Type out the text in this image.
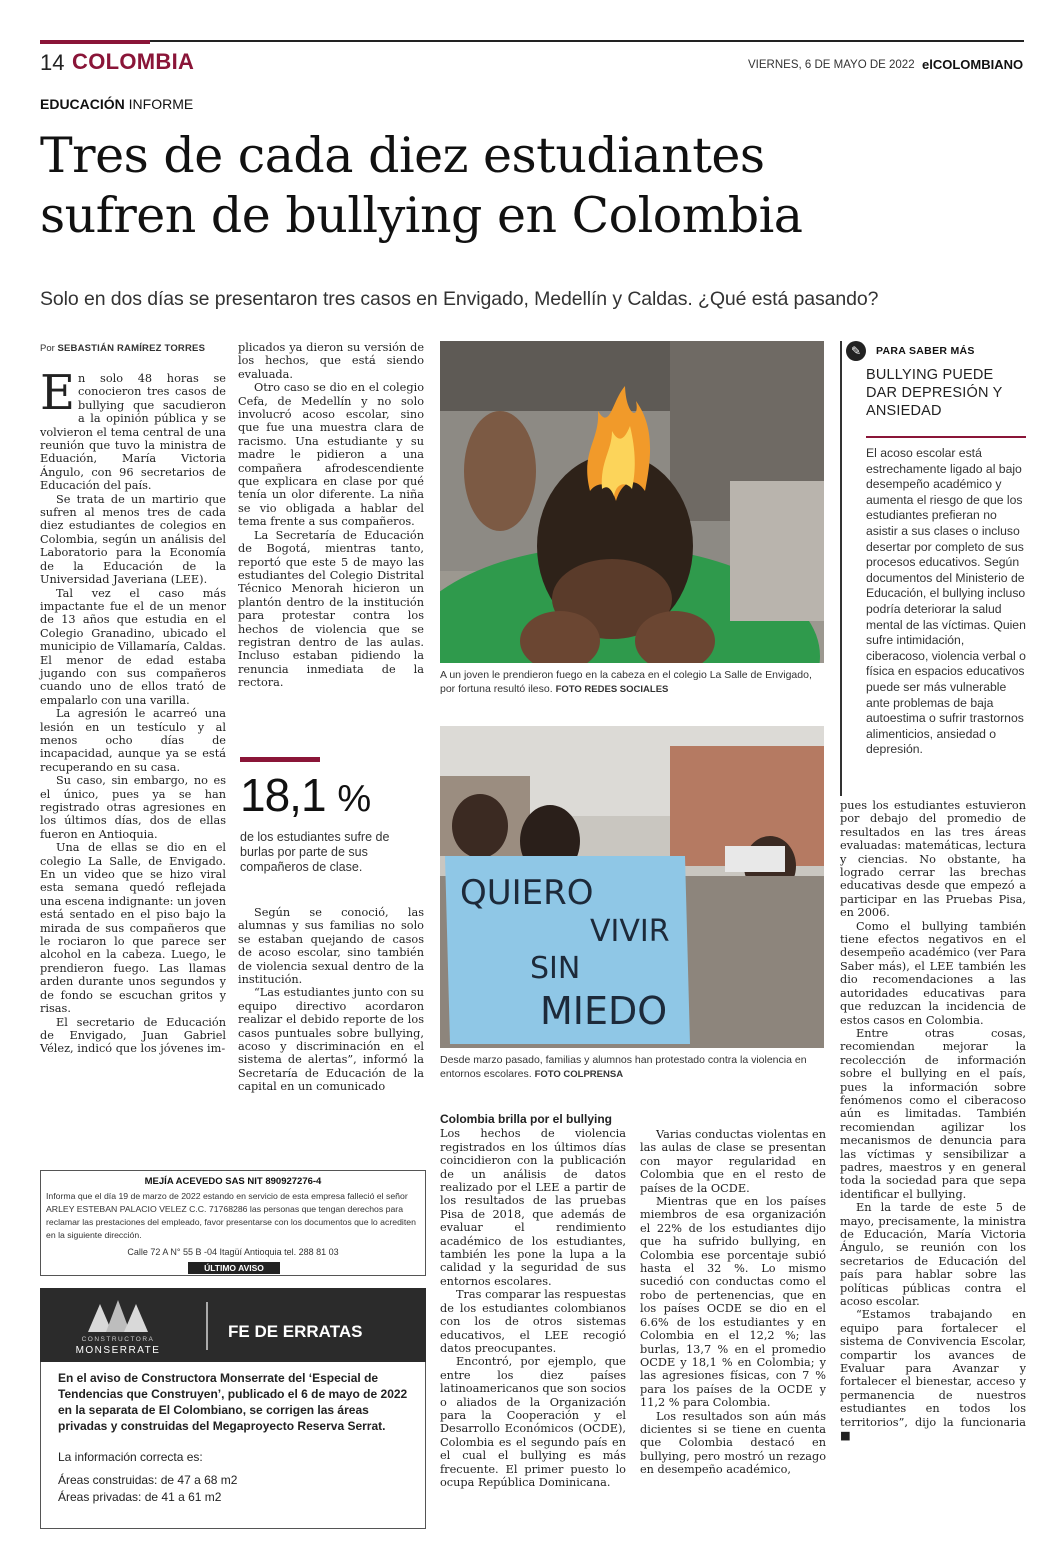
14 COLOMBIA	VIERNES, 6 DE MAYO DE 2022 elCOLOMBIANO
EDUCACIÓN INFORME
Tres de cada diez estudiantes
sufren de bullying en Colombia
Solo en dos días se presentaron tres casos en Envigado, Medellín y Caldas. ¿Qué está pasando?
Por SEBASTIÁN RAMÍREZ TORRES

En solo 48 horas se conocieron tres casos de bullying que sacudieron a la opinión pública y se volvieron el tema central de una reunión que tuvo la ministra de Eduación, María Victoria Ángulo, con 96 secretarios de Educación del país.

Se trata de un martirio que sufren al menos tres de cada diez estudiantes de colegios en Colombia, según un análisis del Laboratorio para la Economía de la Educación de la Universidad Javeriana (LEE).

Tal vez el caso más impactante fue el de un menor de 13 años que estudia en el Colegio Granadino, ubicado el municipio de Villamaría, Caldas. El menor de edad estaba jugando con sus compañeros cuando uno de ellos trató de empalarlo con una varilla.

La agresión le acarreó una lesión en un testículo y al menos ocho días de incapacidad, aunque ya se está recuperando en su casa.

Su caso, sin embargo, no es el único, pues ya se han registrado otras agresiones en los últimos días, dos de ellas fueron en Antioquia.

Una de ellas se dio en el colegio La Salle, de Envigado. En un video que se hizo viral esta semana quedó reflejada una escena indignante: un joven está sentado en el piso bajo la mirada de sus compañeros que le rociaron lo que parece ser alcohol en la cabeza. Luego, le prendieron fuego. Las llamas arden durante unos segundos y de fondo se escuchan gritos y risas.

El secretario de Educación de Envigado, Juan Gabriel Vélez, indicó que los jóvenes im-

plicados ya dieron su versión de los hechos, que está siendo evaluada.

Otro caso se dio en el colegio Cefa, de Medellín y no solo involucró acoso escolar, sino que fue una muestra clara de racismo. Una estudiante y su madre le pidieron a una compañera afrodescendiente que explicara en clase por qué tenía un olor diferente. La niña se vio obligada a hablar del tema frente a sus compañeros.

La Secretaría de Educación de Bogotá, mientras tanto, reportó que este 5 de mayo las estudiantes del Colegio Distrital Técnico Menorah hicieron un plantón dentro de la institución para protestar contra los hechos de violencia que se registran dentro de las aulas. Incluso estaban pidiendo la renuncia inmediata de la rectora.

18,1 %
de los estudiantes sufre de burlas por parte de sus compañeros de clase.

Según se conoció, las alumnas y sus familias no solo se estaban quejando de casos de acoso escolar, sino también de violencia sexual dentro de la institución.

“Las estudiantes junto con su equipo directivo acordaron realizar el debido reporte de los casos puntuales sobre bullying, acoso y discriminación en el sistema de alertas”, informó la Secretaría de Educación de la capital en un comunicado

A un joven le prendieron fuego en la cabeza en el colegio La Salle de Envigado, por fortuna resultó ileso. FOTO REDES SOCIALES
QUIERO
VIVIR
SIN
MIEDO
Desde marzo pasado, familias y alumnos han protestado contra la violencia en entornos escolares. FOTO COLPRENSA
✎	PARA SABER MÁS
BULLYING PUEDE DAR DEPRESIÓN Y ANSIEDAD
El acoso escolar está estrechamente ligado al bajo desempeño académico y aumenta el riesgo de que los estudiantes prefieran no asistir a sus clases o incluso desertar por completo de sus procesos educativos. Según documentos del Ministerio de Educación, el bullying incluso podría deteriorar la salud mental de las víctimas. Quien sufre intimidación, ciberacoso, violencia verbal o física en espacios educativos puede ser más vulnerable ante problemas de baja autoestima o sufrir trastornos alimenticios, ansiedad o depresión.
Colombia brilla por el bullying

Los hechos de violencia registrados en los últimos días coincidieron con la publicación de un análisis de datos realizado por el LEE a partir de los resultados de las pruebas Pisa de 2018, que además de evaluar el rendimiento académico de los estudiantes, también les pone la lupa a la calidad y la seguridad de sus entornos escolares.

Tras comparar las respuestas de los estudiantes colombianos con los de otros sistemas educativos, el LEE recogió datos preocupantes.

Encontró, por ejemplo, que entre los diez países latinoamericanos que son socios o aliados de la Organización para la Cooperación y el Desarrollo Económicos (OCDE), Colombia es el segundo país en el cual el bullying es más frecuente. El primer puesto lo ocupa República Dominicana.

Varias conductas violentas en las aulas de clase se presentan con mayor regularidad en Colombia que en el resto de países de la OCDE.

Mientras que en los países miembros de esa organización el 22% de los estudiantes dijo que ha sufrido bullying, en Colombia ese porcentaje subió hasta el 32 %. Lo mismo sucedió con conductas como el robo de pertenencias, que en los países OCDE se dio en el 6.6% de los estudiantes y en Colombia en el 12,2 %; las burlas, 13,7 % en el promedio OCDE y 18,1 % en Colombia; y las agresiones físicas, con 7 % para los países de la OCDE y 11,2 % para Colombia.

Los resultados son aún más dicientes si se tiene en cuenta que Colombia destacó en bullying, pero mostró un rezago en desempeño académico,

pues los estudiantes estuvieron por debajo del promedio de resultados en las tres áreas evaluadas: matemáticas, lectura y ciencias. No obstante, ha logrado cerrar las brechas educativas desde que empezó a participar en las Pruebas Pisa, en 2006.

Como el bullying también tiene efectos negativos en el desempeño académico (ver Para Saber más), el LEE también les dio recomendaciones a las autoridades educativas para que reduzcan la incidencia de estos casos en Colombia.

Entre otras cosas, recomiendan mejorar la recolección de información sobre el bullying en el país, pues la información sobre fenómenos como el ciberacoso aún es limitadas. También recomiendan agilizar los mecanismos de denuncia para las víctimas y sensibilizar a padres, maestros y en general toda la sociedad para que sepa identificar el bullying.

En la tarde de este 5 de mayo, precisamente, la ministra de Educación, María Victoria Ángulo, se reunión con los secretarios de Educación del país para hablar sobre las políticas públicas contra el acoso escolar.

“Estamos trabajando en equipo para fortalecer el sistema de Convivencia Escolar, compartir los avances de Evaluar para Avanzar y fortalecer el bienestar, acceso y permanencia de nuestros estudiantes en todos los territorios”, dijo la funcionaria ■

MEJÍA ACEVEDO SAS NIT 890927276-4
Informa que el día 19 de marzo de 2022 estando en servicio de esta empresa falleció el señor ARLEY ESTEBAN PALACIO VELEZ C.C. 71768286 las personas que tengan derechos para reclamar las prestaciones del empleado, favor presentarse con los documentos que lo acrediten en la siguiente dirección.
Calle 72 A N° 55 B -04 Itagüí Antioquia tel. 288 81 03
ÚLTIMO AVISO
CONSTRUCTORA
MONSERRATE
FE DE ERRATAS
En el aviso de Constructora Monserrate del ‘Especial de Tendencias que Construyen’, publicado el 6 de mayo de 2022 en la separata de El Colombiano, se corrigen las áreas privadas y construidas del Megaproyecto Reserva Serrat.
La información correcta es:
Áreas construidas: de 47 a 68 m2
Áreas privadas: de 41 a 61 m2
